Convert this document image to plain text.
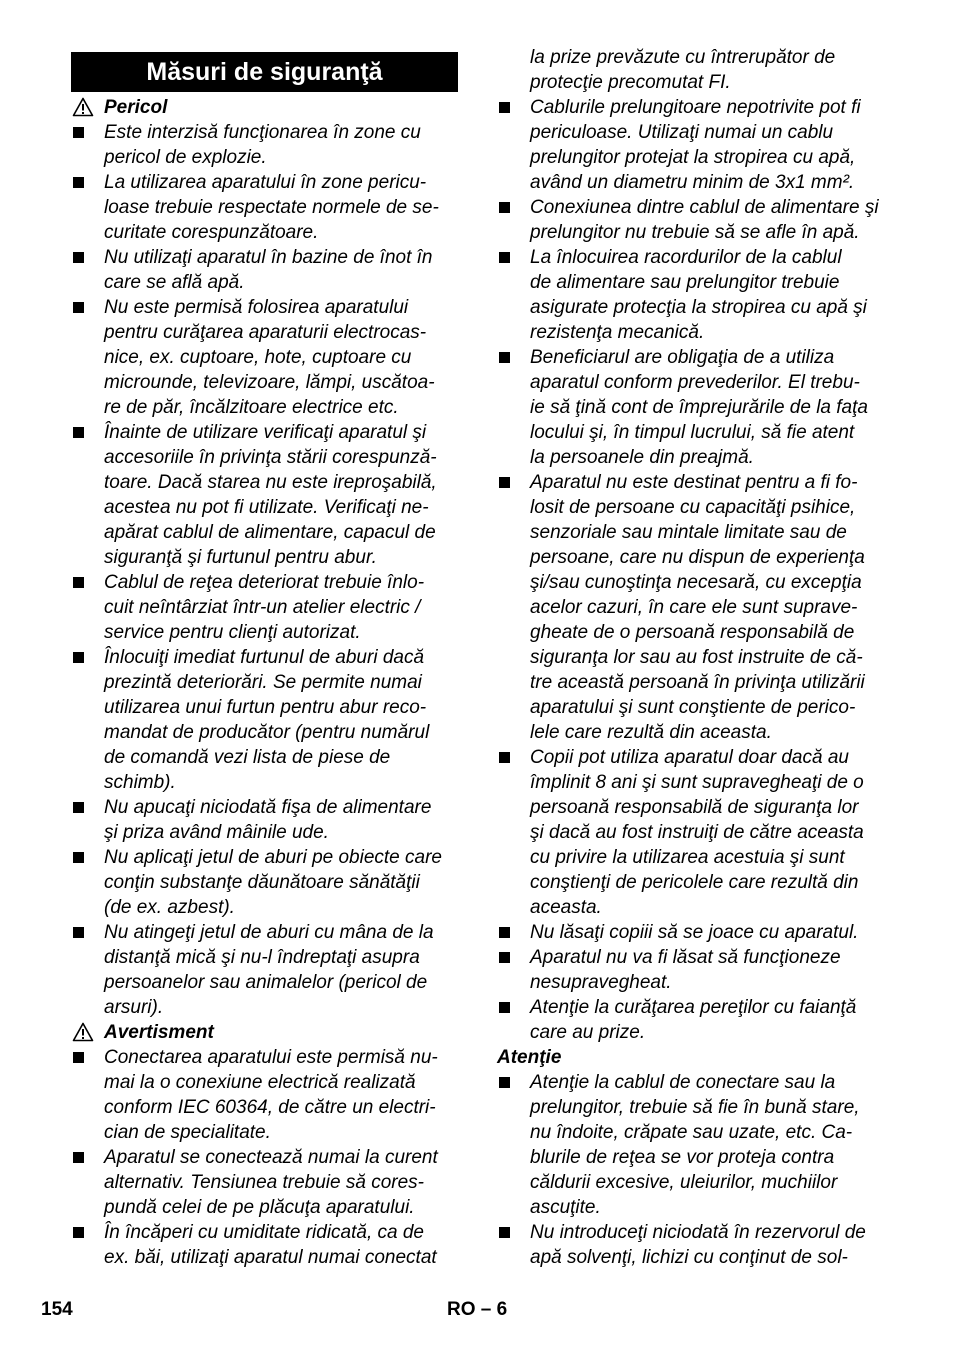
Măsuri de siguranţă
Pericol
Este interzisă funcţionarea în zone cu
pericol de explozie.
La utilizarea aparatului în zone pericu-
loase trebuie respectate normele de se-
curitate corespunzătoare.
Nu utilizaţi aparatul în bazine de înot în
care se află apă.
Nu este permisă folosirea aparatului
pentru curăţarea aparaturii electrocas-
nice, ex. cuptoare, hote, cuptoare cu
microunde, televizoare, lămpi, uscătoa-
re de păr, încălzitoare electrice etc.
Înainte de utilizare verificaţi aparatul şi
accesoriile în privinţa stării corespunză-
toare. Dacă starea nu este ireproşabilă,
acestea nu pot fi utilizate. Verificaţi ne-
apărat cablul de alimentare, capacul de
siguranţă şi furtunul pentru abur.
Cablul de reţea deteriorat trebuie înlo-
cuit neîntârziat într-un atelier electric /
service pentru clienţi autorizat.
Înlocuiţi imediat furtunul de aburi dacă
prezintă deteriorări. Se permite numai
utilizarea unui furtun pentru abur reco-
mandat de producător (pentru numărul
de comandă vezi lista de piese de
schimb).
Nu apucaţi niciodată fişa de alimentare
şi priza având mâinile ude.
Nu aplicaţi jetul de aburi pe obiecte care
conţin substanţe dăunătoare sănătăţii
(de ex. azbest).
Nu atingeţi jetul de aburi cu mâna de la
distanţă mică şi nu-l îndreptaţi asupra
persoanelor sau animalelor (pericol de
arsuri).
Avertisment
Conectarea aparatului este permisă nu-
mai la o conexiune electrică realizată
conform IEC 60364, de către un electri-
cian de specialitate.
Aparatul se conectează numai la curent
alternativ. Tensiunea trebuie să cores-
pundă celei de pe plăcuţa aparatului.
În încăperi cu umiditate ridicată, ca de
ex. băi, utilizaţi aparatul numai conectat
la prize prevăzute cu întrerupător de
protecţie precomutat FI.
Cablurile prelungitoare nepotrivite pot fi
periculoase. Utilizaţi numai un cablu
prelungitor protejat la stropirea cu apă,
având un diametru minim de 3x1 mm².
Conexiunea dintre cablul de alimentare şi
prelungitor nu trebuie să se afle în apă.
La înlocuirea racordurilor de la cablul
de alimentare sau prelungitor trebuie
asigurate protecţia la stropirea cu apă şi
rezistenţa mecanică.
Beneficiarul are obligaţia de a utiliza
aparatul conform prevederilor. El trebu-
ie să ţină cont de împrejurările de la faţa
locului şi, în timpul lucrului, să fie atent
la persoanele din preajmă.
Aparatul nu este destinat pentru a fi fo-
losit de persoane cu capacităţi psihice,
senzoriale sau mintale limitate sau de
persoane, care nu dispun de experienţa
şi/sau cunoştinţa necesară, cu excepţia
acelor cazuri, în care ele sunt suprave-
gheate de o persoană responsabilă de
siguranţa lor sau au fost instruite de că-
tre această persoană în privinţa utilizării
aparatului şi sunt conştiente de perico-
lele care rezultă din aceasta.
Copii pot utiliza aparatul doar dacă au
împlinit 8 ani şi sunt supravegheaţi de o
persoană responsabilă de siguranţa lor
şi dacă au fost instruiţi de către aceasta
cu privire la utilizarea acestuia şi sunt
conştienţi de pericolele care rezultă din
aceasta.
Nu lăsaţi copiii să se joace cu aparatul.
Aparatul nu va fi lăsat să funcţioneze
nesupravegheat.
Atenţie la curăţarea pereţilor cu faianţă
care au prize.
Atenţie
Atenţie la cablul de conectare sau la
prelungitor, trebuie să fie în bună stare,
nu îndoite, crăpate sau uzate, etc. Ca-
blurile de reţea se vor proteja contra
căldurii excesive, uleiurilor, muchiilor
ascuţite.
Nu introduceţi niciodată în rezervorul de
apă solvenţi, lichizi cu conţinut de sol-
154	RO – 6
